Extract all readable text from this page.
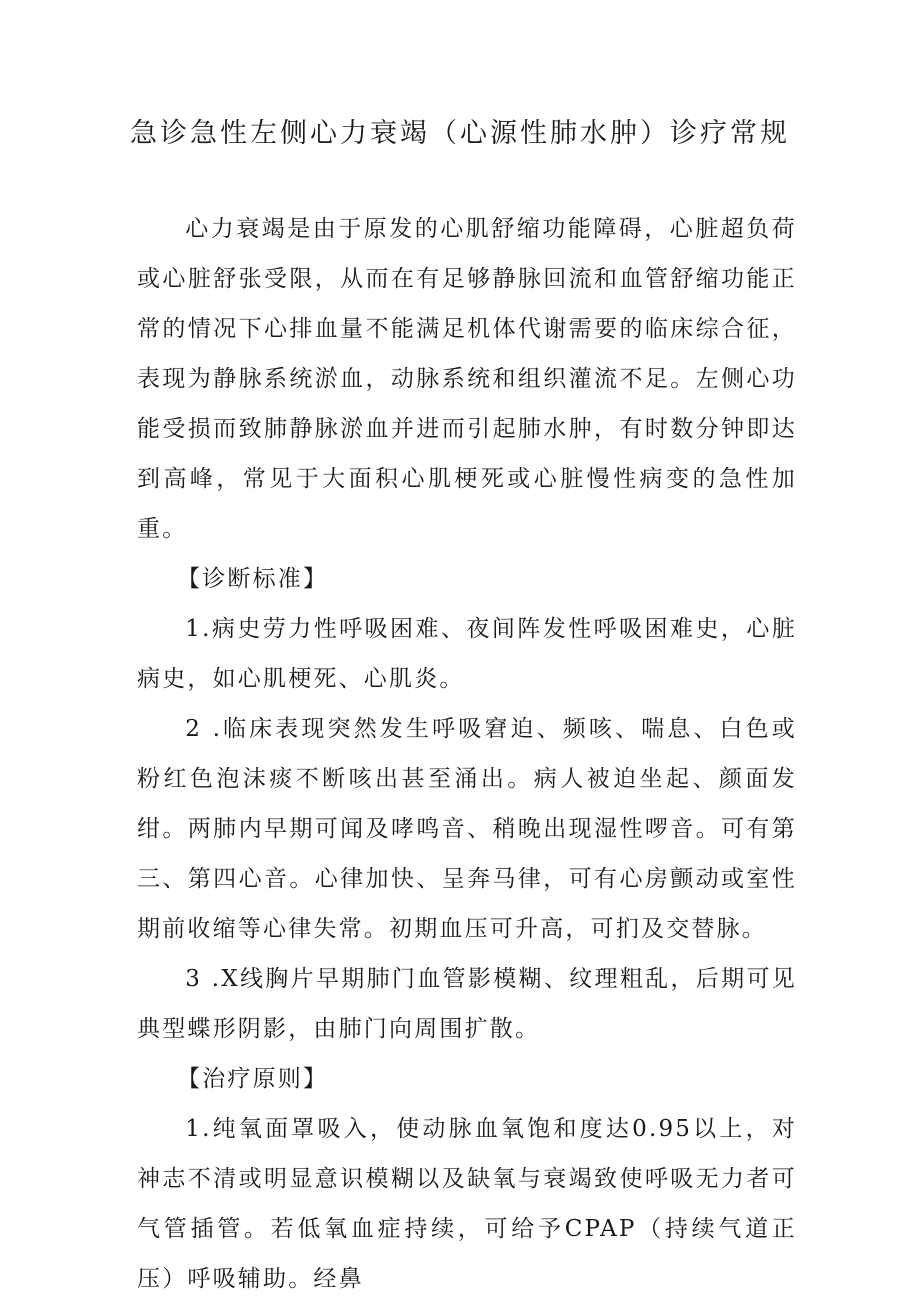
急诊急性左侧心力衰竭（心源性肺水肿）诊疗常规

心力衰竭是由于原发的心肌舒缩功能障碍，心脏超负荷或心脏舒张受限，从而在有足够静脉回流和血管舒缩功能正常的情况下心排血量不能满足机体代谢需要的临床综合征，表现为静脉系统淤血，动脉系统和组织灌流不足。左侧心功能受损而致肺静脉淤血并进而引起肺水肿，有时数分钟即达到高峰，常见于大面积心肌梗死或心脏慢性病变的急性加重。

【诊断标准】

1.病史劳力性呼吸困难、夜间阵发性呼吸困难史，心脏病史，如心肌梗死、心肌炎。

2 .临床表现突然发生呼吸窘迫、频咳、喘息、白色或粉红色泡沫痰不断咳出甚至涌出。病人被迫坐起、颜面发绀。两肺内早期可闻及哮鸣音、稍晚出现湿性啰音。可有第三、第四心音。心律加快、呈奔马律，可有心房颤动或室性期前收缩等心律失常。初期血压可升高，可扪及交替脉。

3 .X线胸片早期肺门血管影模糊、纹理粗乱，后期可见典型蝶形阴影，由肺门向周围扩散。

【治疗原则】

1.纯氧面罩吸入，使动脉血氧饱和度达0.95以上，对神志不清或明显意识模糊以及缺氧与衰竭致使呼吸无力者可气管插管。若低氧血症持续，可给予CPAP（持续气道正压）呼吸辅助。经鼻
